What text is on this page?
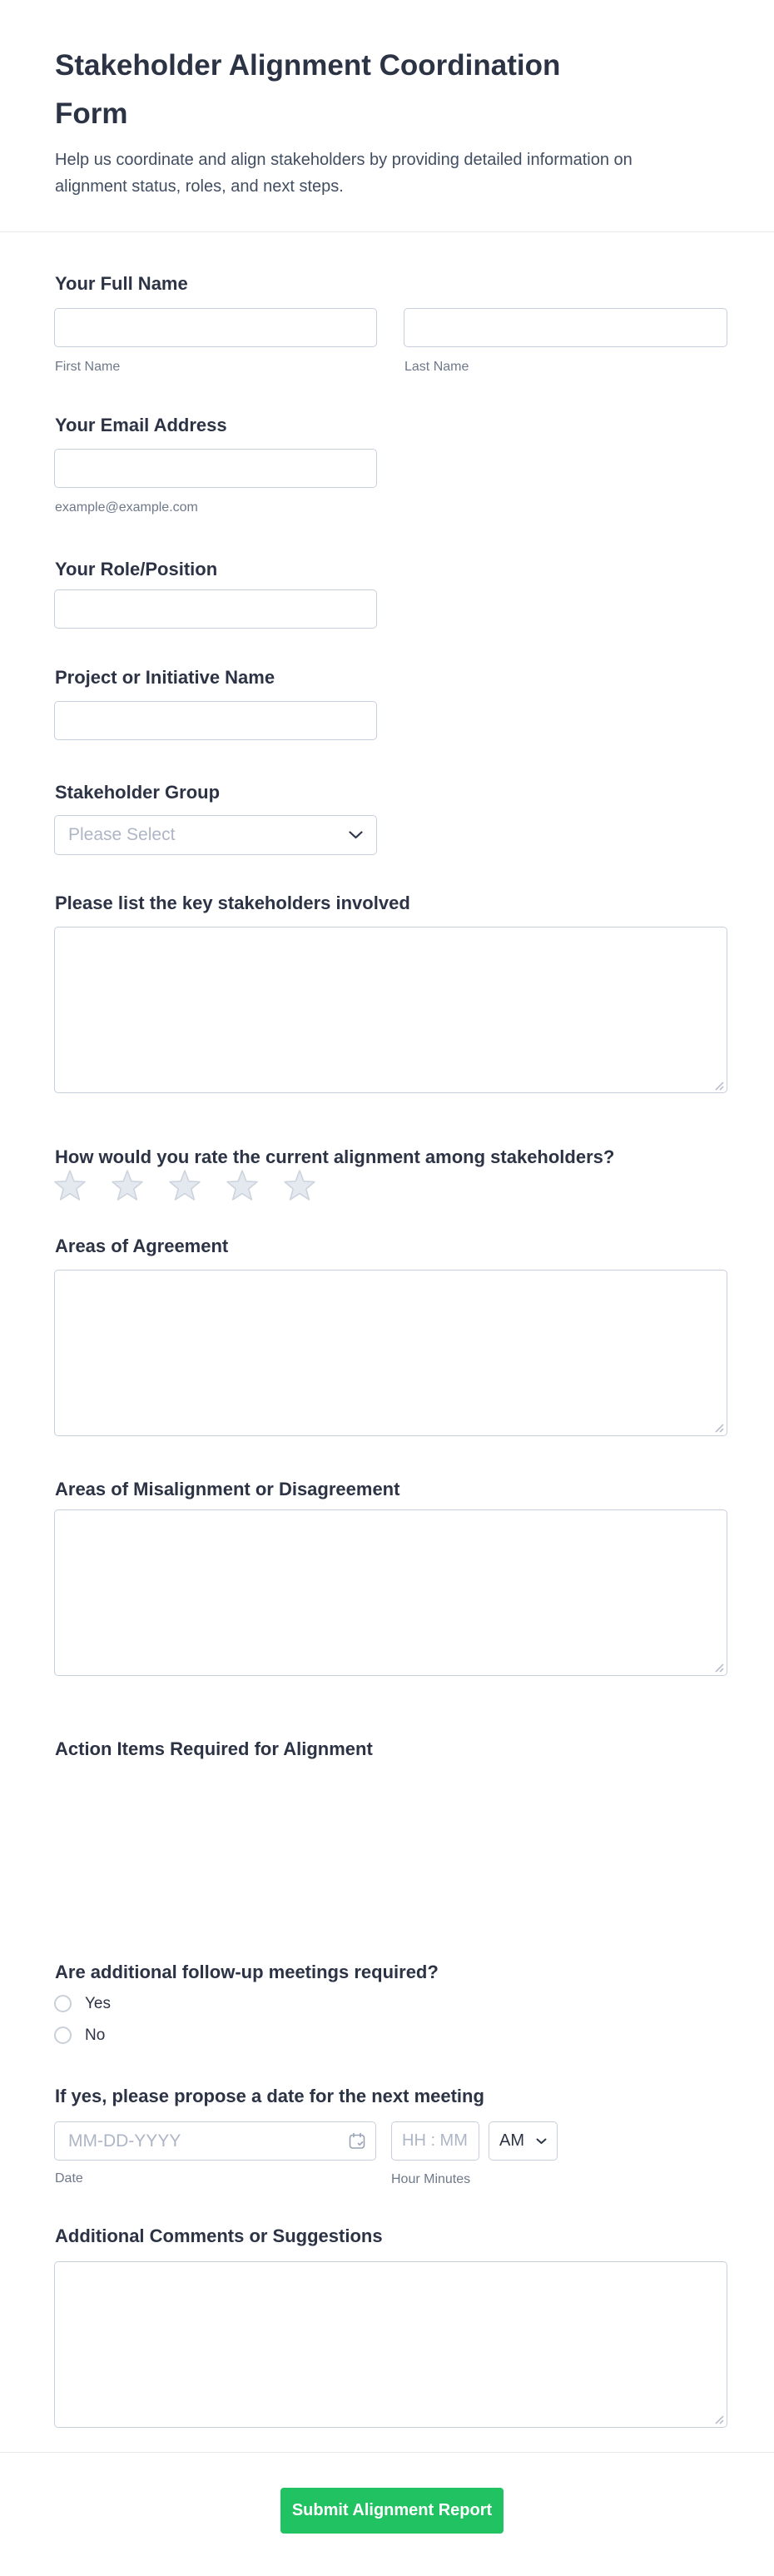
Stakeholder Alignment Coordination
Form
Help us coordinate and align stakeholders by providing detailed information on
alignment status, roles, and next steps.
Your Full Name
First Name	Last Name
Your Email Address
example@example.com
Your Role/Position
Project or Initiative Name
Stakeholder Group
Please Select
Please list the key stakeholders involved
How would you rate the current alignment among stakeholders?
Areas of Agreement
Areas of Misalignment or Disagreement
Action Items Required for Alignment
Are additional follow-up meetings required?
Yes
No
If yes, please propose a date for the next meeting
MM-DD-YYYY
Date
HH : MM
AM
Hour Minutes
Additional Comments or Suggestions
Submit Alignment Report
